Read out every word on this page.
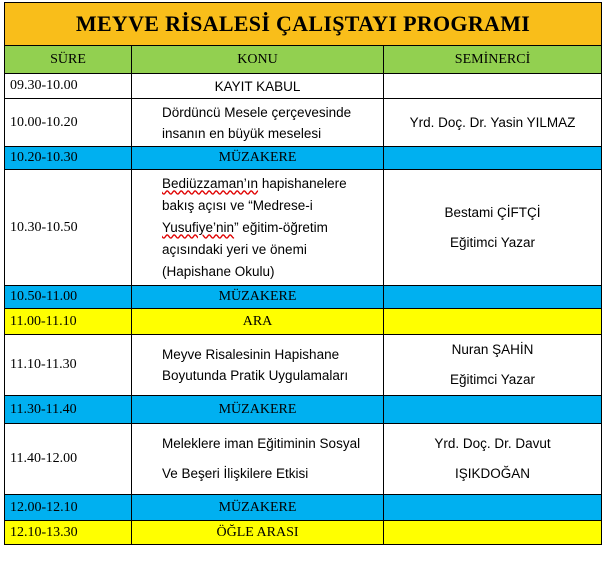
MEYVE RİSALESİ ÇALIŞTAYI PROGRAMI		
SÜRE	KONU	SEMİNERCİ
09.30-10.00	KAYIT KABUL	
10.00-10.20	Dördüncü Mesele çerçevesinde insanın en büyük meselesi	Yrd. Doç. Dr. Yasin YILMAZ
10.20-10.30	MÜZAKERE	
10.30-10.50	Bediüzzaman’ın hapishanelere bakış açısı ve “Medrese-i Yusufiye’nin” eğitim-öğretim açısındaki yeri ve önemi (Hapishane Okulu)	Bestami ÇİFTÇİ
Eğitimci Yazar

10.50-11.00	MÜZAKERE	
11.00-11.10	ARA	
11.10-11.30	Meyve Risalesinin Hapishane Boyutunda Pratik Uygulamaları	Nuran ŞAHİN
Eğitimci Yazar

11.30-11.40	MÜZAKERE	
11.40-12.00	Meleklere iman Eğitiminin Sosyal Ve Beşeri İlişkilere Etkisi	Yrd. Doç. Dr. Davut
IŞIKDOĞAN

12.00-12.10	MÜZAKERE	
12.10-13.30	ÖĞLE ARASI	
